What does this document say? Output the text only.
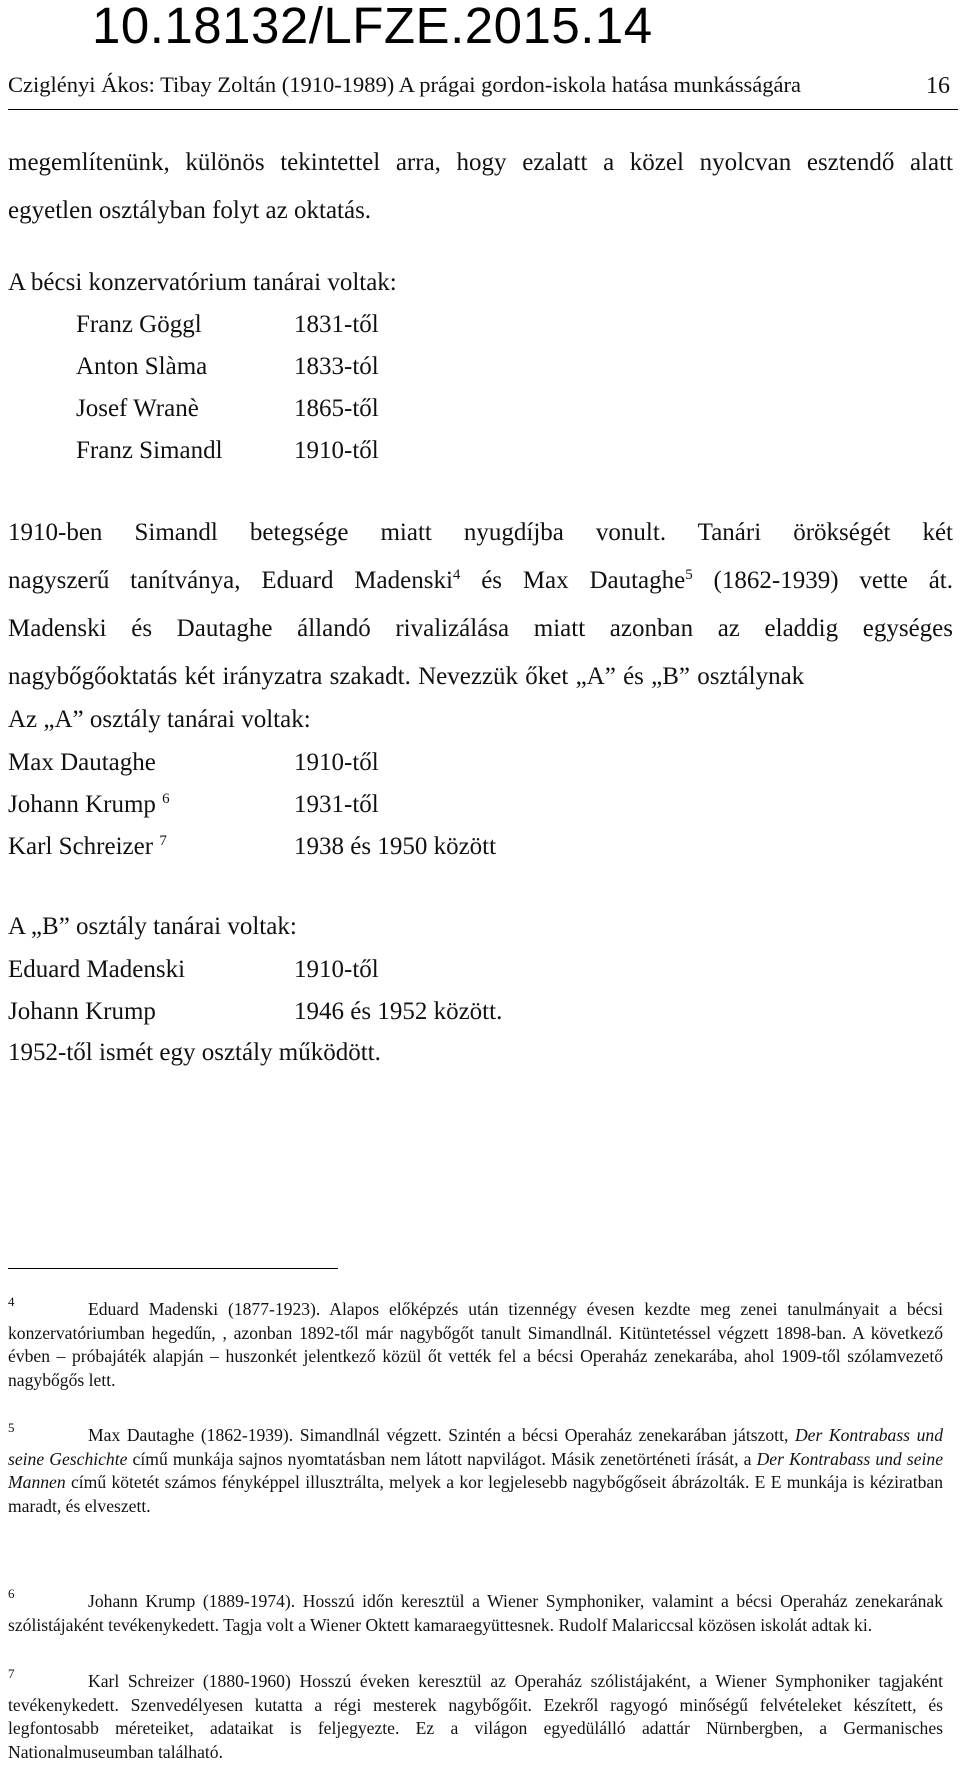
10.18132/LFZE.2015.14
Cziglényi Ákos: Tibay Zoltán (1910-1989) A prágai gordon-iskola hatása munkásságára	16
megemlítenünk, különös tekintettel arra, hogy ezalatt a közel nyolcvan esztendő alatt
egyetlen osztályban folyt az oktatás.
A bécsi konzervatórium tanárai voltak:
Franz Göggl	1831-től
Anton Slàma	1833-tól
Josef Wranè	1865-től
Franz Simandl	1910-től
1910-ben Simandl betegsége miatt nyugdíjba vonult. Tanári örökségét két
nagyszerű tanítványa, Eduard Madenski$^4$ és Max Dautaghe$^5$ (1862-1939) vette át.
Madenski és Dautaghe állandó rivalizálása miatt azonban az eladdig egységes
nagybőgőoktatás két irányzatra szakadt. Nevezzük őket „A” és „B” osztálynak
Az „A” osztály tanárai voltak:
Max Dautaghe	1910-től
Johann Krump $^6$	1931-től
Karl Schreizer $^7$	1938 és 1950 között
A „B” osztály tanárai voltak:
Eduard Madenski	1910-től
Johann Krump	1946 és 1952 között.
1952-től ismét egy osztály működött.
4	Eduard Madenski (1877-1923). Alapos előképzés után tizennégy évesen kezdte meg zenei tanulmányait a bécsi konzervatóriumban hegedűn, , azonban 1892-től már nagybőgőt tanult Simandlnál. Kitüntetéssel végzett 1898-ban. A következő évben – próbajáték alapján – huszonkét jelentkező közül őt vették fel a bécsi Operaház zenekarába, ahol 1909-től szólamvezető nagybőgős lett.
5	Max Dautaghe (1862-1939). Simandlnál végzett. Szintén a bécsi Operaház zenekarában játszott, Der Kontrabass und seine Geschichte című munkája sajnos nyomtatásban nem látott napvilágot. Másik zenetörténeti írását, a Der Kontrabass und seine Mannen című kötetét számos fényképpel illusztrálta, melyek a kor legjelesebb nagybőgőseit ábrázolták. E E munkája is kéziratban maradt, és elveszett.
6	Johann Krump (1889-1974). Hosszú időn keresztül a Wiener Symphoniker, valamint a bécsi Operaház zenekarának szólistájaként tevékenykedett. Tagja volt a Wiener Oktett kamaraegyüttesnek. Rudolf Malariccsal közösen iskolát adtak ki.
7	Karl Schreizer (1880-1960) Hosszú éveken keresztül az Operaház szólistájaként, a Wiener Symphoniker tagjaként tevékenykedett. Szenvedélyesen kutatta a régi mesterek nagybőgőit. Ezekről ragyogó minőségű felvételeket készített, és legfontosabb méreteiket, adataikat is feljegyezte. Ez a világon egyedülálló adattár Nürnbergben, a Germanisches Nationalmuseumban található.
